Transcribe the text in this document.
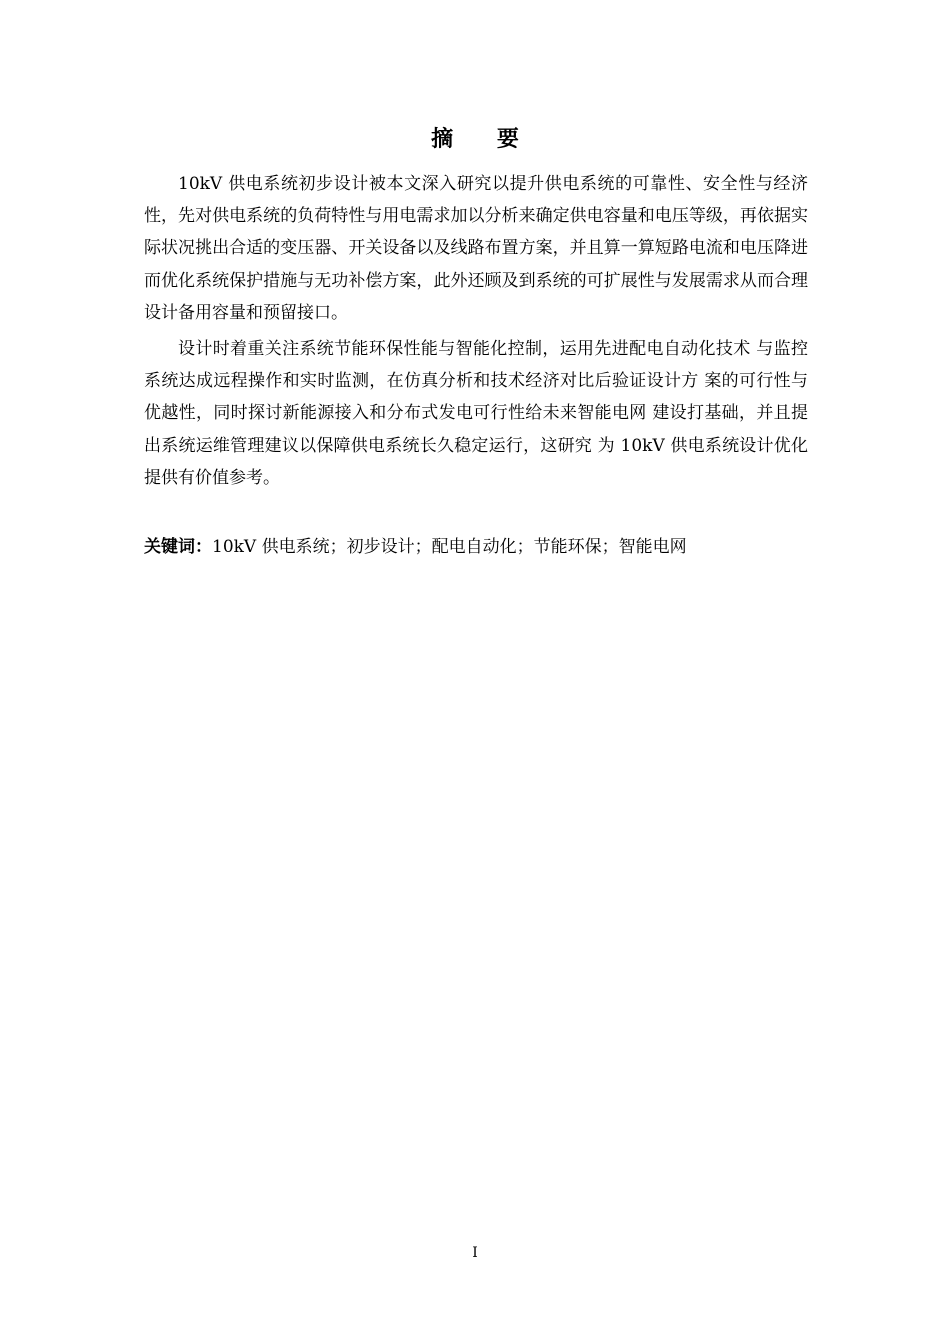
摘 要

10kV 供电系统初步设计被本文深入研究以提升供电系统的可靠性、安全性与经济性，先对供电系统的负荷特性与用电需求加以分析来确定供电容量和电压等级，再依据实际状况挑出合适的变压器、开关设备以及线路布置方案，并且算一算短路电流和电压降进而优化系统保护措施与无功补偿方案，此外还顾及到系统的可扩展性与发展需求从而合理设计备用容量和预留接口。

设计时着重关注系统节能环保性能与智能化控制，运用先进配电自动化技术 与监控系统达成远程操作和实时监测，在仿真分析和技术经济对比后验证设计方 案的可行性与优越性，同时探讨新能源接入和分布式发电可行性给未来智能电网 建设打基础，并且提出系统运维管理建议以保障供电系统长久稳定运行，这研究 为 10kV 供电系统设计优化提供有价值参考。

关键词：10kV 供电系统；初步设计；配电自动化；节能环保；智能电网
I
